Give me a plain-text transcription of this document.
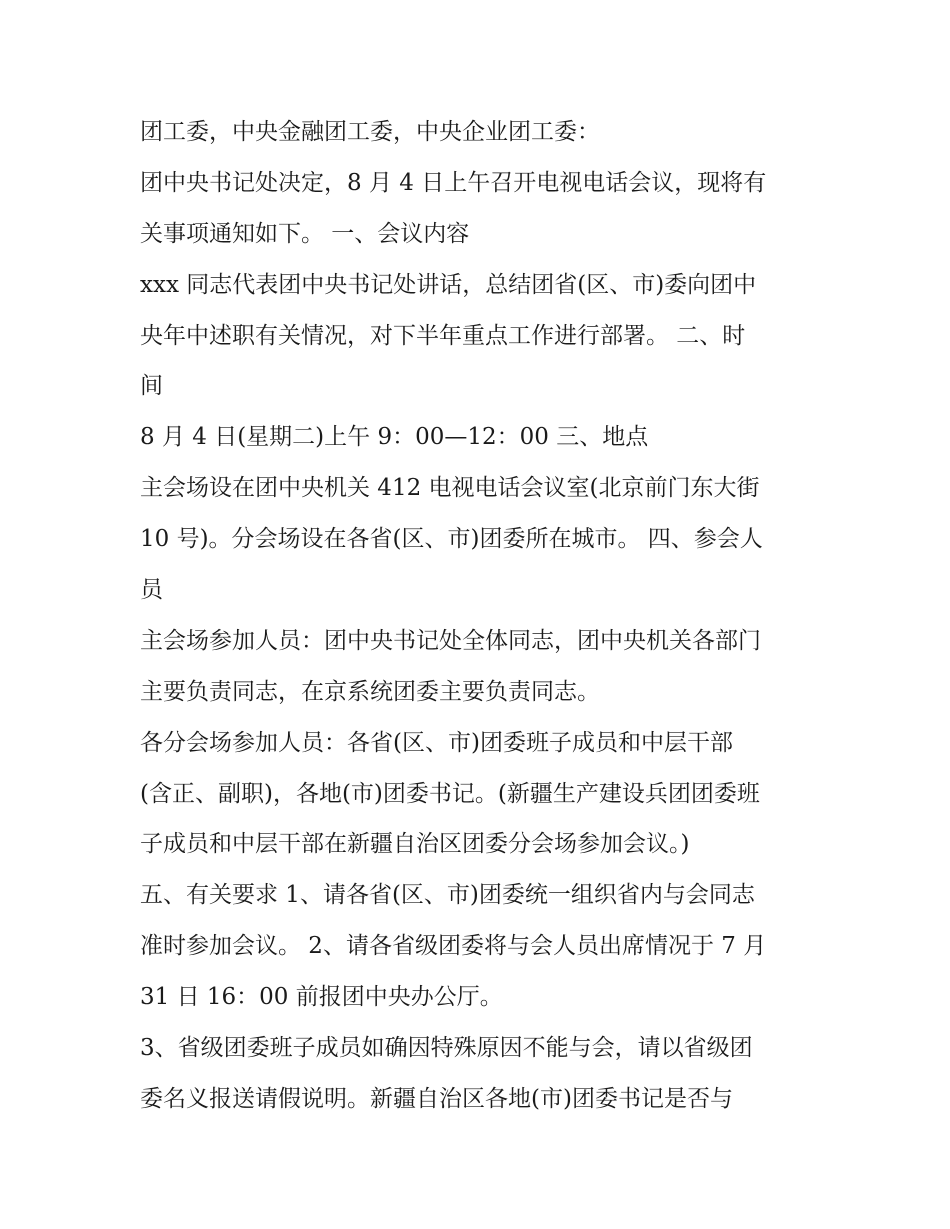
团工委，中央金融团工委，中央企业团工委：
团中央书记处决定，8 月 4 日上午召开电视电话会议，现将有
关事项通知如下。 一、会议内容
xxx 同志代表团中央书记处讲话，总结团省(区、市)委向团中
央年中述职有关情况，对下半年重点工作进行部署。 二、时
间
8 月 4 日(星期二)上午 9：00—12：00 三、地点
主会场设在团中央机关 412 电视电话会议室(北京前门东大街
10 号)。分会场设在各省(区、市)团委所在城市。 四、参会人
员
主会场参加人员：团中央书记处全体同志，团中央机关各部门
主要负责同志，在京系统团委主要负责同志。
各分会场参加人员：各省(区、市)团委班子成员和中层干部
(含正、副职)，各地(市)团委书记。(新疆生产建设兵团团委班
子成员和中层干部在新疆自治区团委分会场参加会议。)
五、有关要求 1、请各省(区、市)团委统一组织省内与会同志
准时参加会议。 2、请各省级团委将与会人员出席情况于 7 月
31 日 16：00 前报团中央办公厅。
3、省级团委班子成员如确因特殊原因不能与会，请以省级团
委名义报送请假说明。新疆自治区各地(市)团委书记是否与
